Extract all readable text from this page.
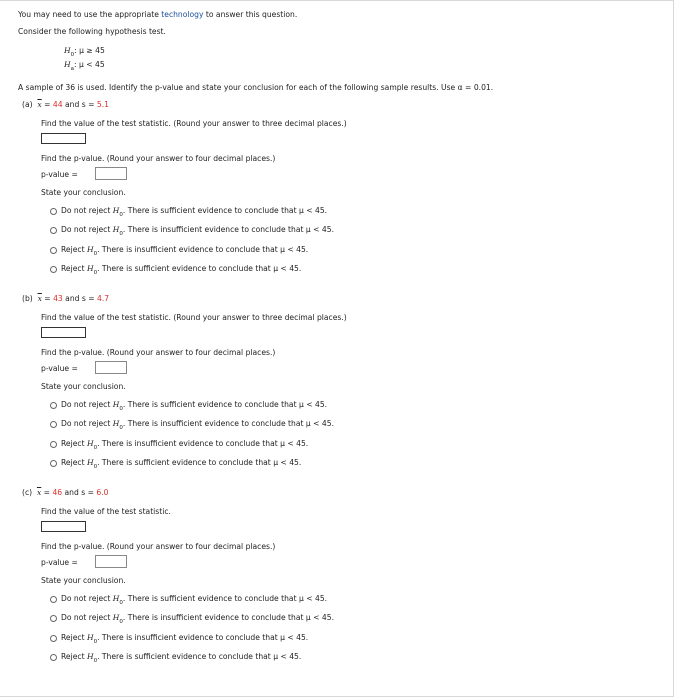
You may need to use the appropriate technology to answer this question.
Consider the following hypothesis test.
$H_0$: μ ≥ 45
$H_a$: μ < 45
A sample of 36 is used. Identify the p-value and state your conclusion for each of the following sample results. Use α = 0.01.
(a) $\overline{x} = 44$ and s = 5.1
Find the value of the test statistic. (Round your answer to three decimal places.)
Find the p-value. (Round your answer to four decimal places.)
p-value =
State your conclusion.
Do not reject $H_0$. There is sufficient evidence to conclude that μ < 45.
Do not reject $H_0$. There is insufficient evidence to conclude that μ < 45.
Reject $H_0$. There is insufficient evidence to conclude that μ < 45.
Reject $H_0$. There is sufficient evidence to conclude that μ < 45.
(b) $\overline{x} = 43$ and s = 4.7
Find the value of the test statistic. (Round your answer to three decimal places.)
Find the p-value. (Round your answer to four decimal places.)
p-value =
State your conclusion.
Do not reject $H_0$. There is sufficient evidence to conclude that μ < 45.
Do not reject $H_0$. There is insufficient evidence to conclude that μ < 45.
Reject $H_0$. There is insufficient evidence to conclude that μ < 45.
Reject $H_0$. There is sufficient evidence to conclude that μ < 45.
(c) $\overline{x} = 46$ and s = 6.0
Find the value of the test statistic.
Find the p-value. (Round your answer to four decimal places.)
p-value =
State your conclusion.
Do not reject $H_0$. There is sufficient evidence to conclude that μ < 45.
Do not reject $H_0$. There is insufficient evidence to conclude that μ < 45.
Reject $H_0$. There is insufficient evidence to conclude that μ < 45.
Reject $H_0$. There is sufficient evidence to conclude that μ < 45.
